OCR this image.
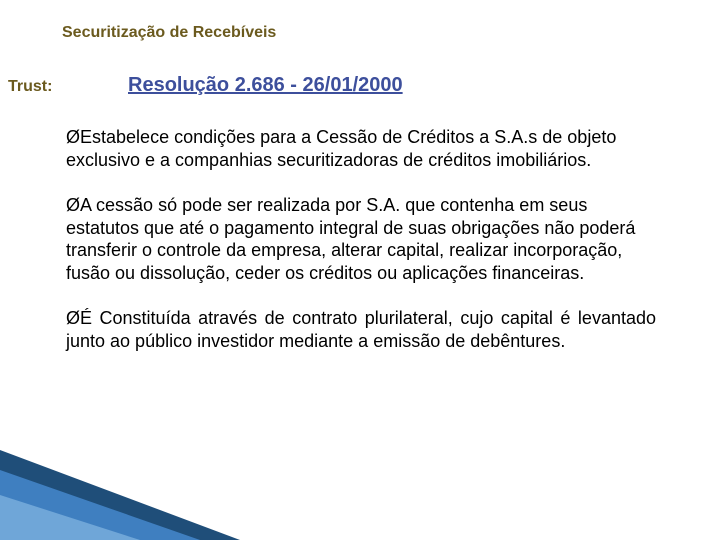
Securitização de Recebíveis
Trust:	Resolução 2.686 - 26/01/2000
ØEstabelece condições para a Cessão de Créditos a S.A.s de objeto exclusivo e a companhias securitizadoras de créditos imobiliários.
ØA cessão só pode ser realizada por S.A. que contenha em seus estatutos que até o pagamento integral de suas obrigações não poderá transferir o controle da empresa, alterar capital, realizar incorporação, fusão ou dissolução, ceder os créditos ou aplicações financeiras.
ØÉ Constituída através de contrato plurilateral, cujo capital é levantado junto ao público investidor mediante a emissão de debêntures.
